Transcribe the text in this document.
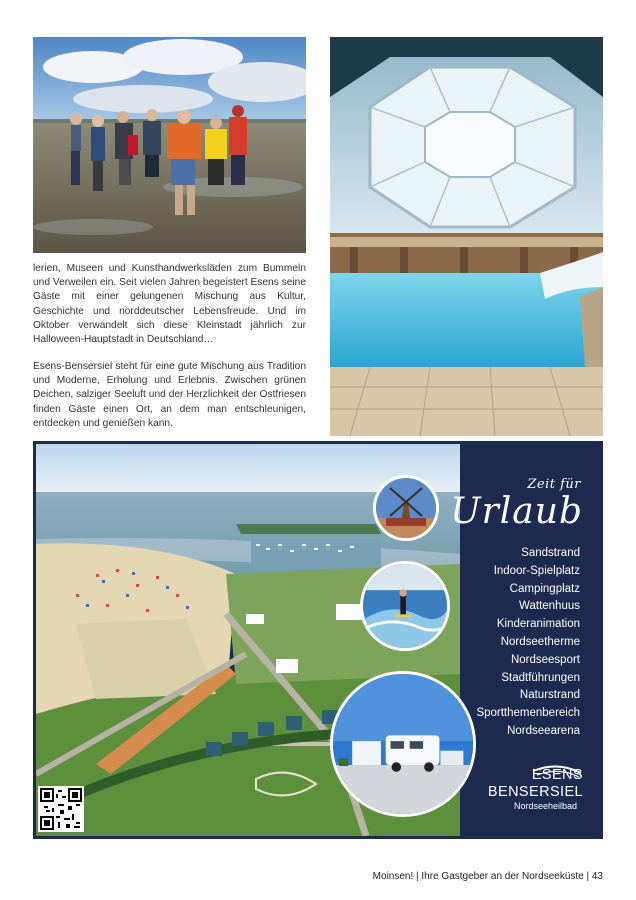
lerien, Museen und Kunsthandwerksläden zum Bummeln und Verweilen ein. Seit vielen Jahren begeistert Esens seine Gäste mit einer gelungenen Mischung aus Kultur, Geschichte und norddeutscher Lebensfreude. Und im Oktober verwandelt sich diese Kleinstadt jährlich zur Halloween-Hauptstadt in Deutschland…

Esens-Bensersiel steht für eine gute Mischung aus Tradition und Moderne, Erholung und Erlebnis. Zwischen grünen Deichen, salziger Seeluft und der Herzlichkeit der Ostfriesen finden Gäste einen Ort, an dem man entschleunigen, entdecken und genießen kann.

Zeit für
Urlaub
Sandstrand
Indoor-Spielplatz
Campingplatz
Wattenhuus
Kinderanimation
Nordseetherme
Nordseesport
Stadtführungen
Naturstrand
Sportthemenbereich
Nordseearena
ESENS
BENSERSIEL
Nordseeheilbad
Moinsen! | Ihre Gastgeber an der Nordseeküste | 43
